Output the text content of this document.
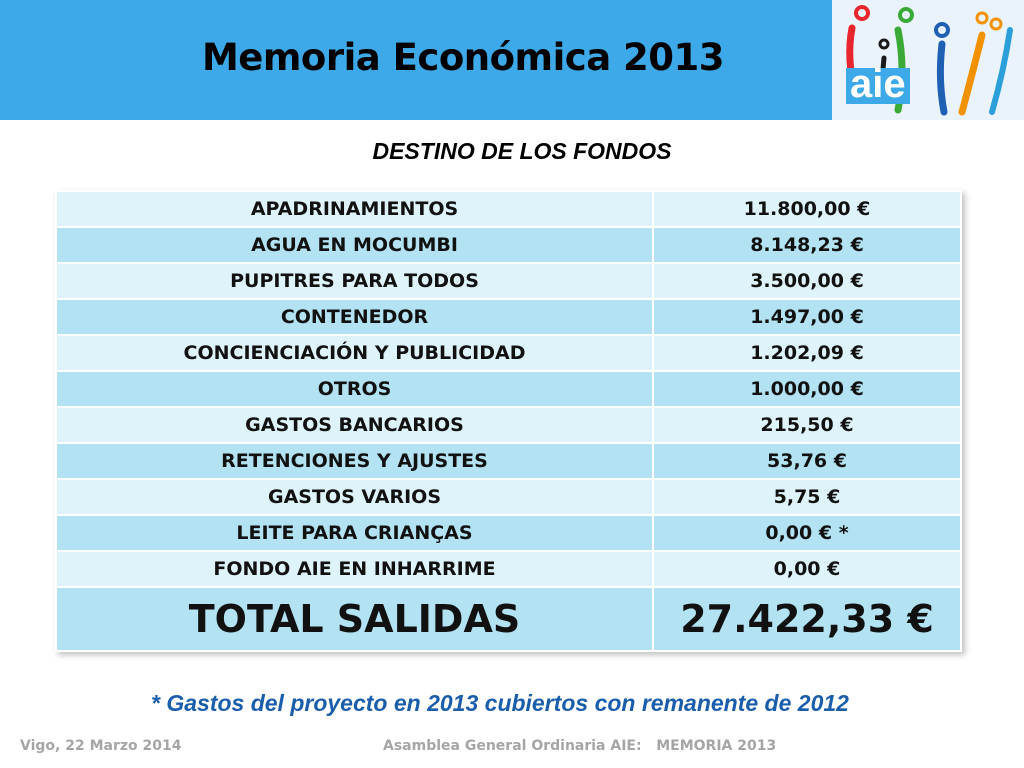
Memoria Económica 2013
aie
DESTINO DE LOS FONDOS
APADRINAMIENTOS	11.800,00 €
AGUA EN MOCUMBI	8.148,23 €
PUPITRES PARA TODOS	3.500,00 €
CONTENEDOR	1.497,00 €
CONCIENCIACIÓN Y PUBLICIDAD	1.202,09 €
OTROS	1.000,00 €
GASTOS BANCARIOS	215,50 €
RETENCIONES Y AJUSTES	53,76 €
GASTOS VARIOS	5,75 €
LEITE PARA CRIANÇAS	0,00 € *
FONDO AIE EN INHARRIME	0,00 €
TOTAL SALIDAS	27.422,33 €
* Gastos del proyecto en 2013 cubiertos con remanente de 2012
Vigo, 22 Marzo 2014	Asamblea General Ordinaria AIE:   MEMORIA 2013
